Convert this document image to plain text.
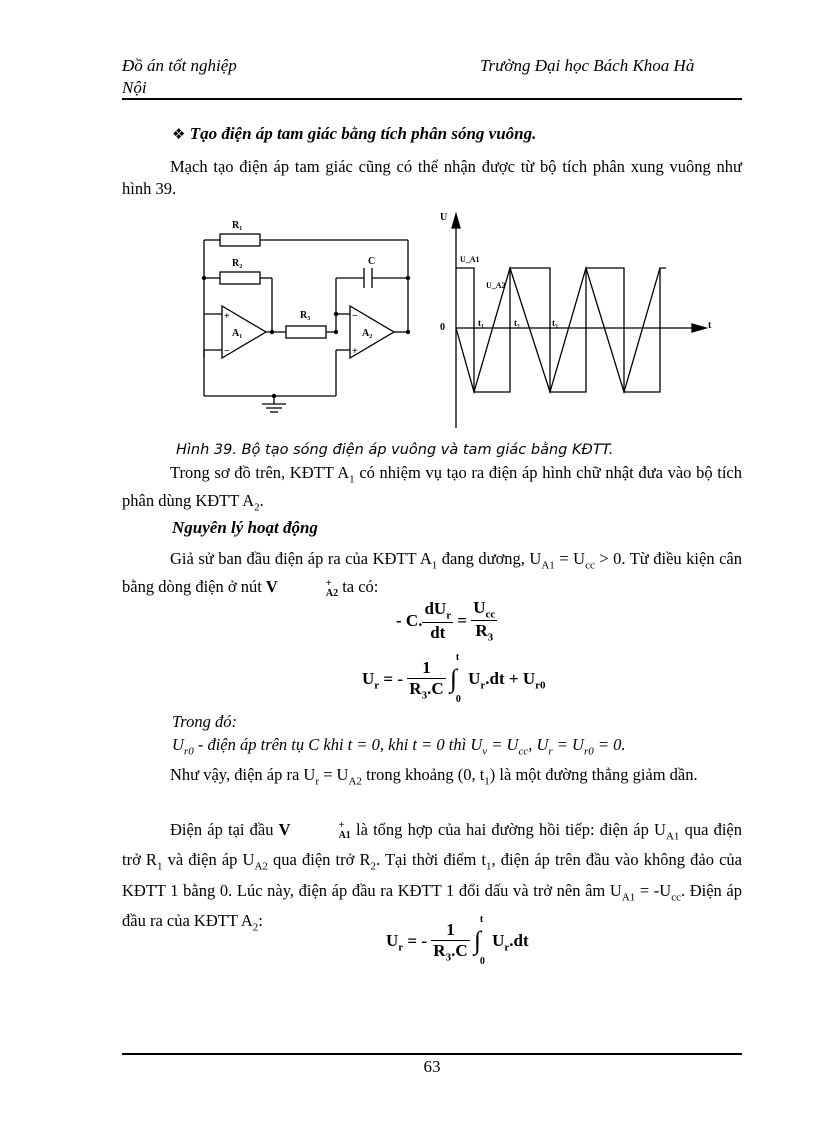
Đồ án tốt nghiệp
Nội
Trường Đại học Bách Khoa Hà
❖ Tạo điện áp tam giác bằng tích phân sóng vuông.
Mạch tạo điện áp tam giác cũng có thể nhận được từ bộ tích phân xung vuông như hình 39.
R₁
R₂
R₃
C
A₁	A₂
+
−
−
+
U
t
0
U_A1
U_A2
t₁	t₂	t₃
Hình 39. Bộ tạo sóng điện áp vuông và tam giác bằng KĐTT.
Trong sơ đồ trên, KĐTT $A_1$ có nhiệm vụ tạo ra điện áp hình chữ nhật đưa vào bộ tích phân dùng KĐTT $A_2$.
Nguyên lý hoạt động
Giả sử ban đầu điện áp ra của KĐTT $A_1$ đang dương, $U_{A1} = U_{cc} > 0$. Từ điều kiện cân bằng dòng điện ở nút V	+
A2 ta có:
- C. $\frac{dU_r}{dt} = \frac{U_{cc}}{R_3}$
$U_r$ = - $\frac{1}{R_3.C}$

t
∫
0
$U_r.dt + U_{r0}$
Trong đó:
$U_{r0}$ - điện áp trên tụ C khi t = 0, khi t = 0 thì $U_v = U_{cc}$, $U_r = U_{r0} = 0$.
Như vậy, điện áp ra $U_r = U_{A2}$ trong khoảng (0, $t_1$) là một đường thẳng giảm dần.
Điện áp tại đầu V	+
A1 là tổng hợp của hai đường hồi tiếp: điện áp $U_{A1}$ qua điện trở $R_1$ và điện áp $U_{A2}$ qua điện trở $R_2$. Tại thời điểm $t_1$, điện áp trên đầu vào không đảo của KĐTT 1 bằng 0. Lúc này, điện áp đầu ra KĐTT 1 đổi dấu và trở nên âm $U_{A1} = -U_{cc}$. Điện áp đầu ra của KĐTT $A_2$:
$U_r$ = - $\frac{1}{R_3.C}$

t
∫
0
$U_r.dt$
63
